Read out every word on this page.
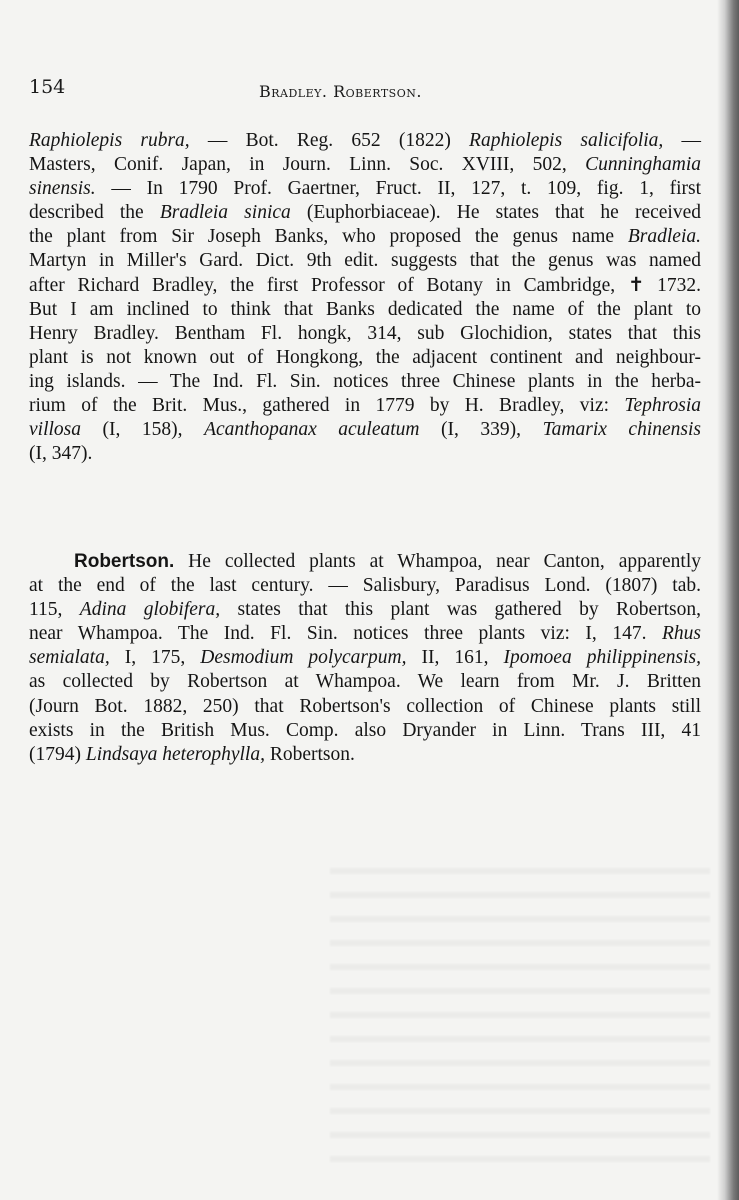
154	Bradley. Robertson.
Raphiolepis rubra, — Bot. Reg. 652 (1822) Raphiolepis salicifolia, —
Masters, Conif. Japan, in Journ. Linn. Soc. XVIII, 502, Cunninghamia
sinensis. — In 1790 Prof. Gaertner, Fruct. II, 127, t. 109, fig. 1, first
described the Bradleia sinica (Euphorbiaceae). He states that he received
the plant from Sir Joseph Banks, who proposed the genus name Bradleia.
Martyn in Miller's Gard. Dict. 9th edit. suggests that the genus was named
after Richard Bradley, the first Professor of Botany in Cambridge, ✝ 1732.
But I am inclined to think that Banks dedicated the name of the plant to
Henry Bradley. Bentham Fl. hongk, 314, sub Glochidion, states that this
plant is not known out of Hongkong, the adjacent continent and neighbour-
ing islands. — The Ind. Fl. Sin. notices three Chinese plants in the herba-
rium of the Brit. Mus., gathered in 1779 by H. Bradley, viz: Tephrosia
villosa (I, 158), Acanthopanax aculeatum (I, 339), Tamarix chinensis
(I, 347).
Robertson. He collected plants at Whampoa, near Canton, apparently
at the end of the last century. — Salisbury, Paradisus Lond. (1807) tab.
115, Adina globifera, states that this plant was gathered by Robertson,
near Whampoa. The Ind. Fl. Sin. notices three plants viz: I, 147. Rhus
semialata, I, 175, Desmodium polycarpum, II, 161, Ipomoea philippinensis,
as collected by Robertson at Whampoa. We learn from Mr. J. Britten
(Journ Bot. 1882, 250) that Robertson's collection of Chinese plants still
exists in the British Mus. Comp. also Dryander in Linn. Trans III, 41
(1794) Lindsaya heterophylla, Robertson.
